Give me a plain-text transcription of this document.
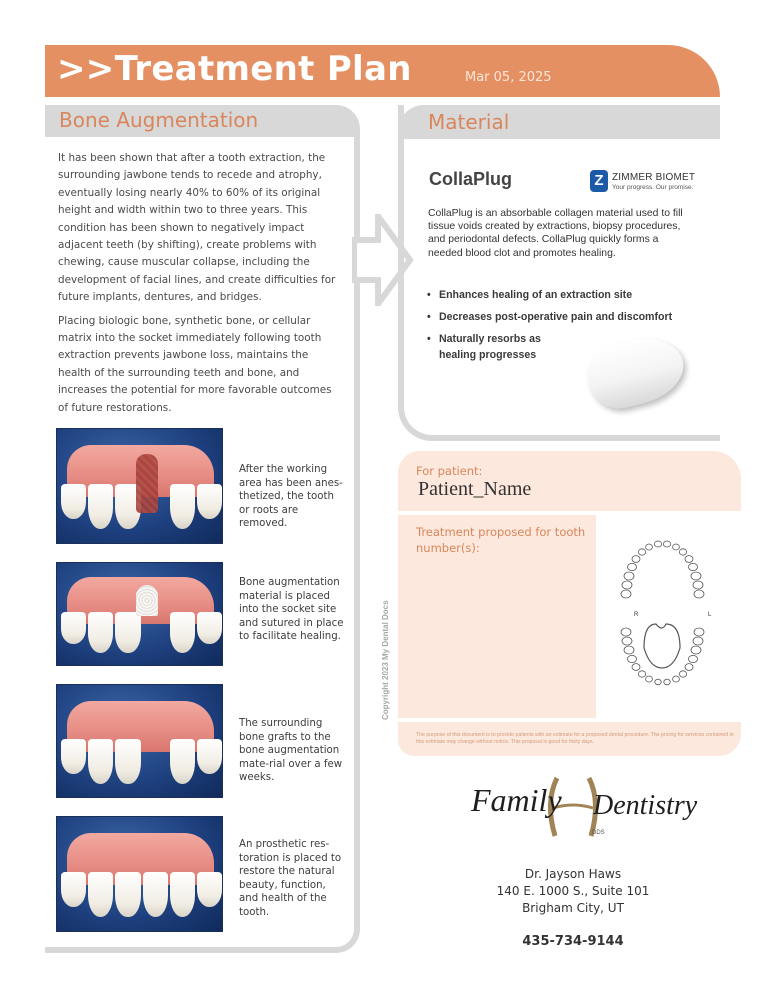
>>Treatment Plan	Mar 05, 2025
Bone Augmentation

It has been shown that after a tooth extraction, the surrounding jawbone tends to recede and atrophy, eventually losing nearly 40% to 60% of its original height and width within two to three years. This condition has been shown to negatively impact adjacent teeth (by shifting), create problems with chewing, cause muscular collapse, including the development of facial lines, and create difficulties for future implants, dentures, and bridges.

Placing biologic bone, synthetic bone, or cellular matrix into the socket immediately following tooth extraction prevents jawbone loss, maintains the health of the surrounding teeth and bone, and increases the potential for more favorable outcomes of future restorations.

After the working area has been anes-thetized, the tooth or roots are removed.
Bone augmentation material is placed into the socket site and sutured in place to facilitate healing.
The surrounding bone grafts to the bone augmentation mate-rial over a few weeks.
An prosthetic res-toration is placed to restore the natural beauty, function, and health of the tooth.
Copyright 2023 My Dental Docs
Material
CollaPlug	Z ZIMMER BIOMET
Your progress. Our promise.
CollaPlug is an absorbable collagen material used to fill tissue voids created by extractions, biopsy procedures, and periodontal defects. CollaPlug quickly forms a needed blood clot and promotes healing.
• Enhances healing of an extraction site
• Decreases post-operative pain and discomfort
• Naturally resorbs as healing progresses
For patient:
Patient_Name
Treatment proposed for tooth number(s):
R	L
The purpose of this document is to provide patients with an estimate for a proposed dental procedure. The pricing for services contained in this estimate may change without notice. This proposal is good for thirty days.
Family Dentistry
DDS
Dr. Jayson Haws
140 E. 1000 S., Suite 101
Brigham City, UT
435-734-9144
